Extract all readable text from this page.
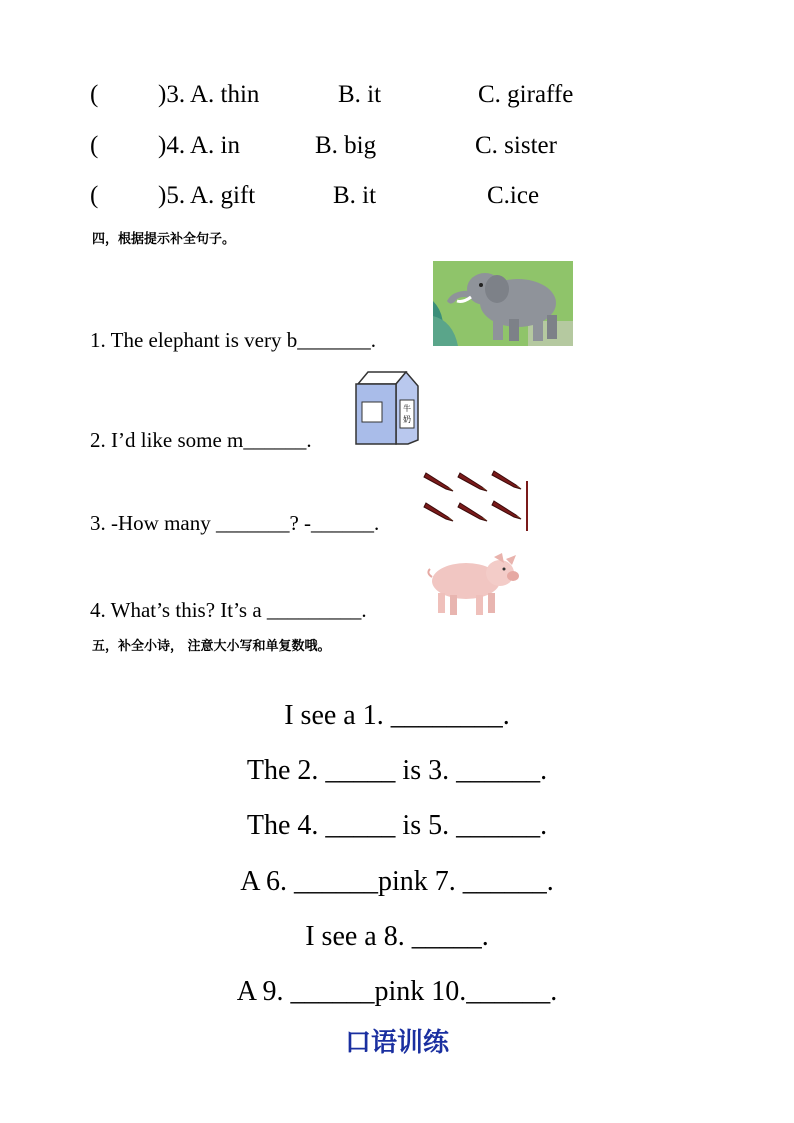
( )3. A. thin	B. it	C. giraffe
( )4. A. in	B. big	C. sister
( )5. A. gift	B. it	C.ice
四，根据提示补全句子。
1. The elephant is very b_______.
牛
奶
2. I’d like some m______.
3. -How many _______? -______.
4. What’s this? It’s a _________.
五，补全小诗， 注意大小写和单复数哦。
I see a 1. ________.
The 2. _____ is 3. ______.
The 4. _____ is 5. ______.
A 6. ______pink 7. ______.
I see a 8. _____.
A 9. ______pink 10.______.
口语训练
